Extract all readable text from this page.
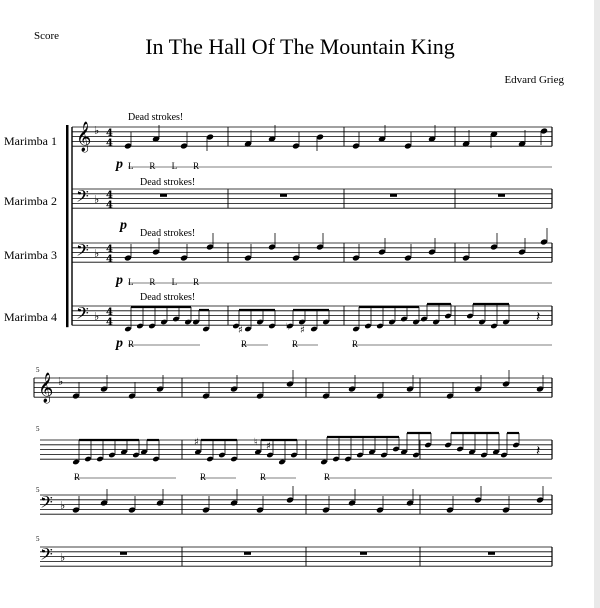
Score	In The Hall Of The Mountain King
Edvard Grieg
Marimba 1
Marimba 2
Marimba 3
Marimba 4
Dead strokes!
Dead strokes!
Dead strokes!
Dead strokes!
p
p
p
p
L R L R
L R L R
R	R	R	R
5
5
5
5
R	R	R	R
𝄞 ♭ 4
4
𝄢 ♭ 4
4
𝄢 ♭ 4
4
𝄢 ♭ 4
4
♯	♮ ♯
𝄽
𝄞 ♭
𝄢 ♭
𝄢 ♭
♯	♮ ♯	𝄽
